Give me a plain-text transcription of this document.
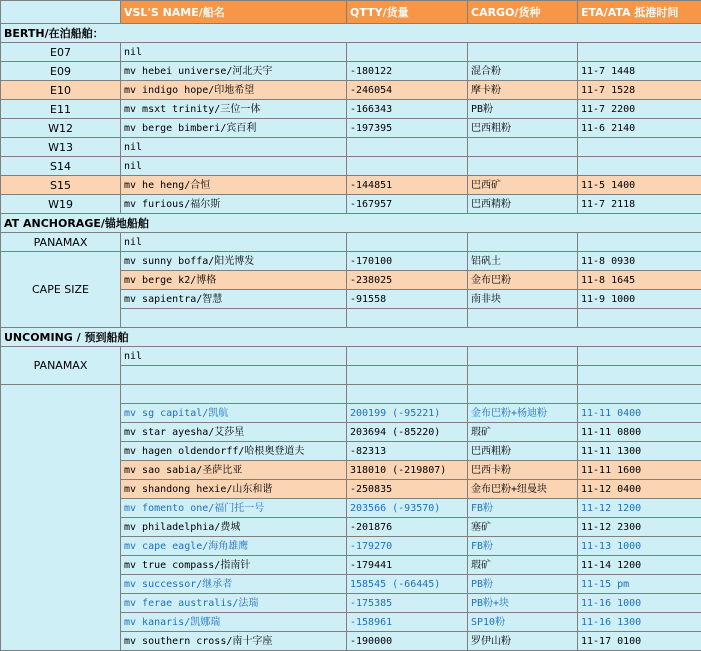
	VSL'S NAME/船名	QTTY/货量	CARGO/货种	ETA/ATA 抵港时间
BERTH/在泊船舶：				
E07	nil			
E09	mv hebei universe/河北天宇	-180122	混合粉	11-7 1448
E10	mv indigo hope/印地希望	-246054	摩卡粉	11-7 1528
E11	mv msxt trinity/三位一体	-166343	PB粉	11-7 2200
W12	mv berge bimberi/宾百利	-197395	巴西粗粉	11-6 2140
W13	nil			
S14	nil			
S15	mv he heng/合恒	-144851	巴西矿	11-5 1400
W19	mv furious/福尔斯	-167957	巴西精粉	11-7 2118
AT ANCHORAGE/锚地船舶				
PANAMAX	nil			
CAPE SIZE	mv sunny boffa/阳光博发	-170100	铝矾土	11-8 0930
	mv berge k2/博格	-238025	金布巴粉	11-8 1645
	mv sapientra/智慧	-91558	南非块	11-9 1000

UNCOMING / 预到船舶				
PANAMAX	nil			

	mv sg capital/凯航	200199 (-95221)	金布巴粉+杨迪粉	11-11 0400
	mv star ayesha/艾莎星	203694 (-85220)	瑕矿	11-11 0800
	mv hagen oldendorff/哈根奥登道夫	-82313	巴西粗粉	11-11 1300
	mv sao sabia/圣萨比亚	318010 (-219807)	巴西卡粉	11-11 1600
	mv shandong hexie/山东和谐	-250835	金布巴粉+纽曼块	11-12 0400
	mv fomento one/福门托一号	203566 (-93570)	FB粉	11-12 1200
	mv philadelphia/费城	-201876	塞矿	11-12 2300
	mv cape eagle/海角雄鹰	-179270	FB粉	11-13 1000
	mv true compass/指南针	-179441	瑕矿	11-14 1200
	mv successor/继承者	158545 (-66445)	PB粉	11-15 pm
	mv ferae australis/法瑞	-175385	PB粉+块	11-16 1000
	mv kanaris/凯娜瑞	-158961	SP10粉	11-16 1300
	mv southern cross/南十字座	-190000	罗伊山粉	11-17 0100
